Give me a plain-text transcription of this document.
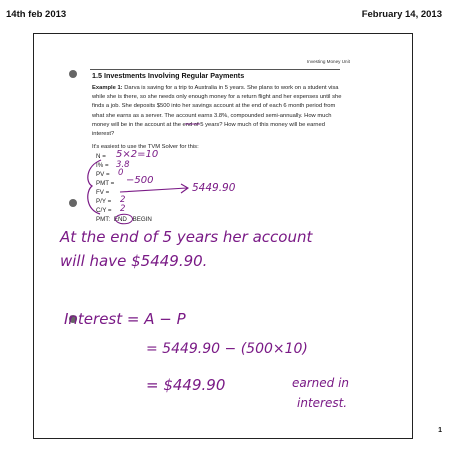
14th feb 2013	February 14, 2013
Investing Money Unit
1.5 Investments Involving Regular Payments
Example 1: Darva is saving for a trip to Australia in 5 years. She plans to work on a student visa while she is there, so she needs only enough money for a return flight and her expenses until she finds a job. She deposits $500 into her savings account at the end of each 6 month period from what she earns as a server. The account earns 3.8%, compounded semi-annually. How much money will be in the account at the end of 5 years? How much of this money will be earned interest?
It's easiest to use the TVM Solver for this:
N =
I% =
PV =
PMT =
FV =
P/Y =
C/Y =
PMT: END BEGIN
5×2=10
3.8
0
−500
5449.90
2
2
At the end of 5 years her account
will have $5449.90.
Interest = A − P
= 5449.90 − (500×10)
= $449.90	earned in
interest.
1
